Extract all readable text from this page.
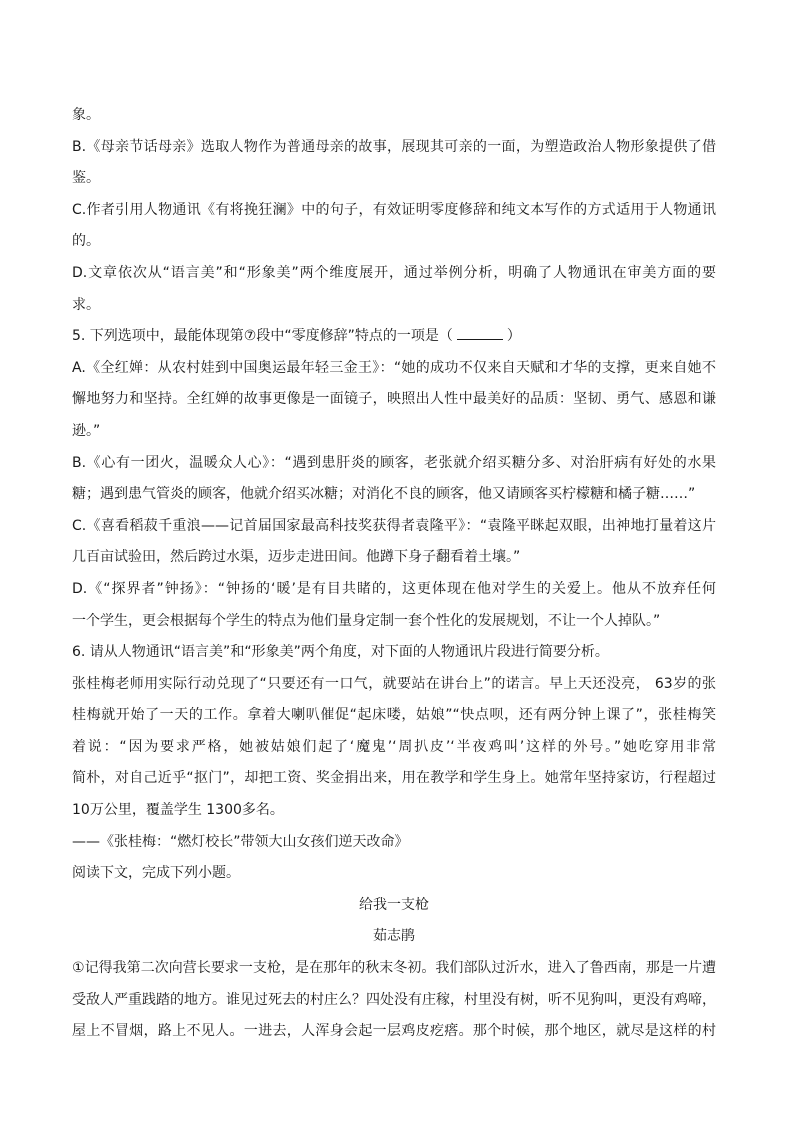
象。
B.《母亲节话母亲》选取人物作为普通母亲的故事，展现其可亲的一面，为塑造政治人物形象提供了借
鉴。
C.作者引用人物通讯《有将挽狂澜》中的句子，有效证明零度修辞和纯文本写作的方式适用于人物通讯
的。
D.文章依次从“语言美”和“形象美”两个维度展开，通过举例分析，明确了人物通讯在审美方面的要
求。
5. 下列选项中，最能体现第⑦段中“零度修辞”特点的一项是（	）
A.《全红婵：从农村娃到中国奥运最年轻三金王》：“她的成功不仅来自天赋和才华的支撑，更来自她不
懈地努力和坚持。全红婵的故事更像是一面镜子，映照出人性中最美好的品质：坚韧、勇气、感恩和谦
逊。”
B.《心有一团火，温暖众人心》：“遇到患肝炎的顾客，老张就介绍买糖分多、对治肝病有好处的水果
糖；遇到患气管炎的顾客，他就介绍买冰糖；对消化不良的顾客，他又请顾客买柠檬糖和橘子糖……”
C.《喜看稻菽千重浪——记首届国家最高科技奖获得者袁隆平》：“袁隆平眯起双眼，出神地打量着这片
几百亩试验田，然后跨过水渠，迈步走进田间。他蹲下身子翻看着土壤。”
D.《“探界者”钟扬》：“钟扬的‘暖’是有目共睹的，这更体现在他对学生的关爱上。他从不放弃任何
一个学生，更会根据每个学生的特点为他们量身定制一套个性化的发展规划，不让一个人掉队。”
6. 请从人物通讯“语言美”和“形象美”两个角度，对下面的人物通讯片段进行简要分析。
张桂梅老师用实际行动兑现了“只要还有一口气，就要站在讲台上”的诺言。早上天还没亮， 63岁的张
桂梅就开始了一天的工作。拿着大喇叭催促“起床喽，姑娘”“快点呗，还有两分钟上课了”，张桂梅笑
着说：“因为要求严格，她被姑娘们起了‘魔鬼’‘周扒皮’‘半夜鸡叫’这样的外号。”她吃穿用非常
简朴，对自己近乎“抠门”，却把工资、奖金捐出来，用在教学和学生身上。她常年坚持家访，行程超过
10万公里，覆盖学生 1300多名。
——《张桂梅：“燃灯校长”带领大山女孩们逆天改命》
阅读下文，完成下列小题。
给我一支枪
茹志鹃
①记得我第二次向营长要求一支枪，是在那年的秋末冬初。我们部队过沂水，进入了鲁西南，那是一片遭
受敌人严重践踏的地方。谁见过死去的村庄么？四处没有庄稼，村里没有树，听不见狗叫，更没有鸡啼，
屋上不冒烟，路上不见人。一进去，人浑身会起一层鸡皮疙瘩。那个时候，那个地区，就尽是这样的村
